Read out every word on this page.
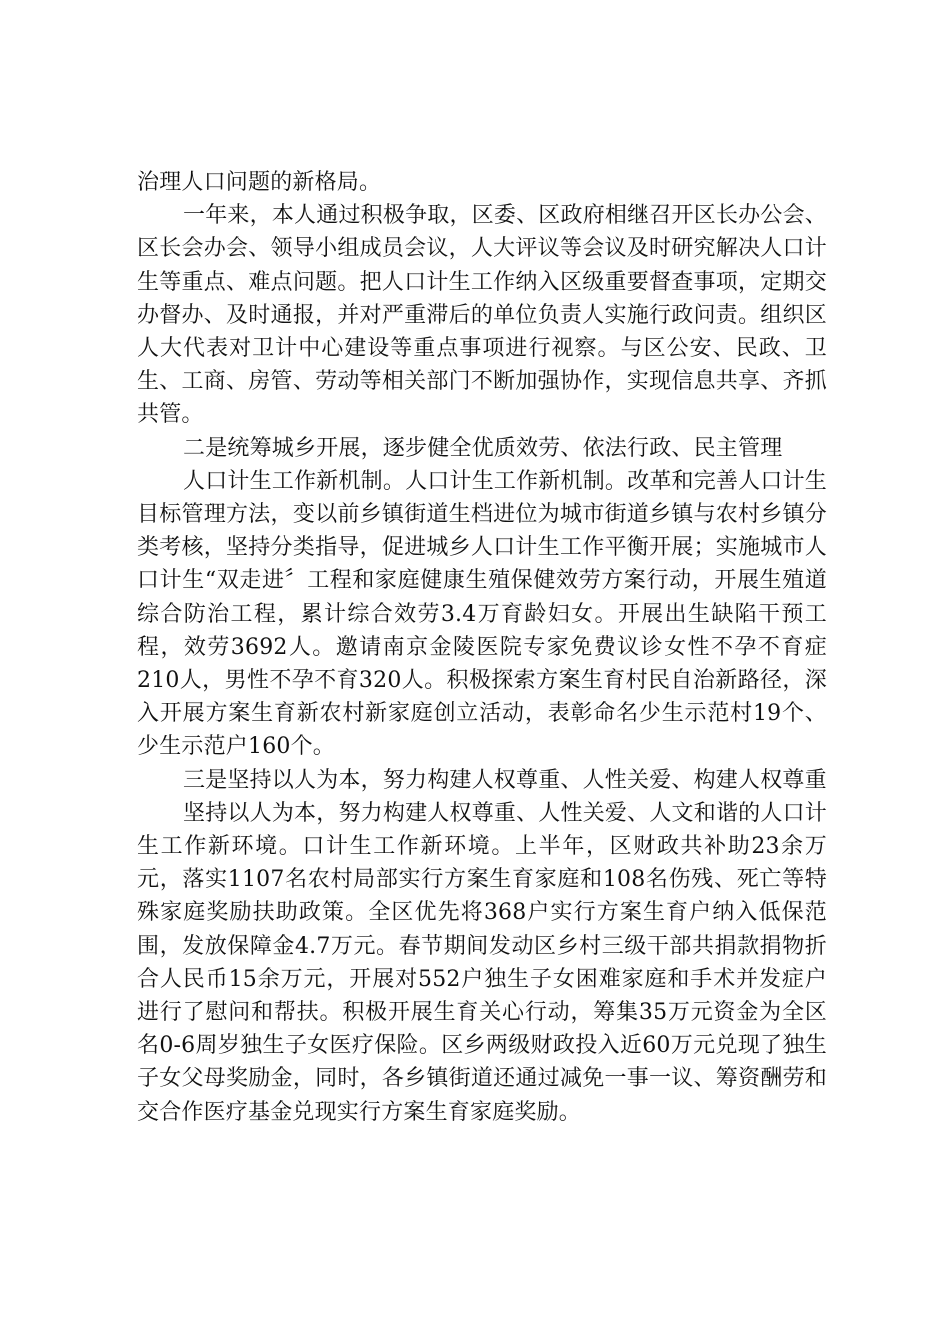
治理人口问题的新格局。

一年来，本人通过积极争取，区委、区政府相继召开区长办公会、区长会办会、领导小组成员会议，人大评议等会议及时研究解决人口计生等重点、难点问题。把人口计生工作纳入区级重要督查事项，定期交办督办、及时通报，并对严重滞后的单位负责人实施行政问责。组织区人大代表对卫计中心建设等重点事项进行视察。与区公安、民政、卫生、工商、房管、劳动等相关部门不断加强协作，实现信息共享、齐抓共管。

二是统筹城乡开展，逐步健全优质效劳、依法行政、民主管理

人口计生工作新机制。人口计生工作新机制。改革和完善人口计生目标管理方法，变以前乡镇街道生档进位为城市街道乡镇与农村乡镇分类考核，坚持分类指导，促进城乡人口计生工作平衡开展；实施城市人口计生“双走进〞工程和家庭健康生殖保健效劳方案行动，开展生殖道综合防治工程，累计综合效劳3.4万育龄妇女。开展出生缺陷干预工程，效劳3692人。邀请南京金陵医院专家免费议诊女性不孕不育症210人，男性不孕不育320人。积极探索方案生育村民自治新路径，深入开展方案生育新农村新家庭创立活动，表彰命名少生示范村19个、少生示范户160个。

三是坚持以人为本，努力构建人权尊重、人性关爱、构建人权尊重

坚持以人为本，努力构建人权尊重、人性关爱、人文和谐的人口计生工作新环境。口计生工作新环境。上半年，区财政共补助23余万元，落实1107名农村局部实行方案生育家庭和108名伤残、死亡等特殊家庭奖励扶助政策。全区优先将368户实行方案生育户纳入低保范围，发放保障金4.7万元。春节期间发动区乡村三级干部共捐款捐物折合人民币15余万元，开展对552户独生子女困难家庭和手术并发症户进行了慰问和帮扶。积极开展生育关心行动，筹集35万元资金为全区名0-6周岁独生子女医疗保险。区乡两级财政投入近60万元兑现了独生子女父母奖励金，同时，各乡镇街道还通过减免一事一议、筹资酬劳和交合作医疗基金兑现实行方案生育家庭奖励。
